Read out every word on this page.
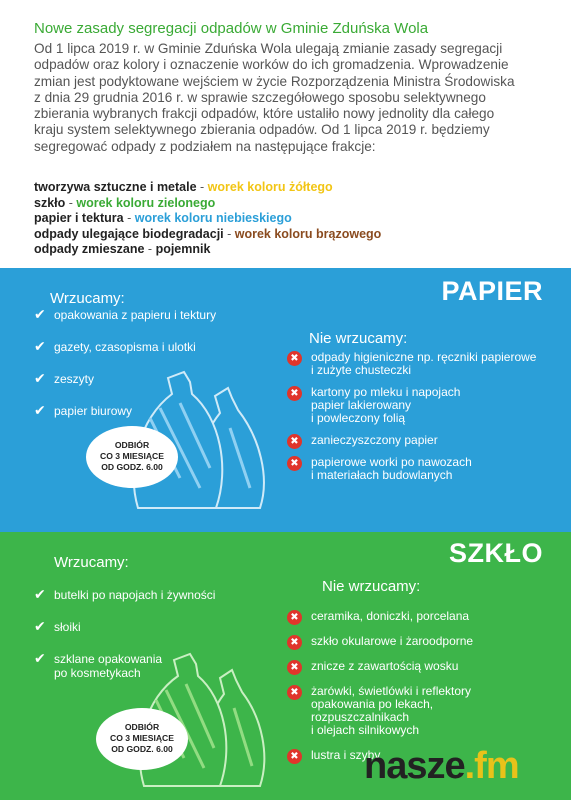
Nowe zasady segregacji odpadów w Gminie Zduńska Wola
Od 1 lipca 2019 r. w Gminie Zduńska Wola ulegają zmianie zasady segregacji
odpadów oraz kolory i oznaczenie worków do ich gromadzenia. Wprowadzenie
zmian jest podyktowane wejściem w życie Rozporządzenia Ministra Środowiska
z dnia 29 grudnia 2016 r. w sprawie szczegółowego sposobu selektywnego
zbierania wybranych frakcji odpadów, które ustaliło nowy jednolity dla całego
kraju system selektywnego zbierania odpadów. Od 1 lipca 2019 r. będziemy
segregować odpady z podziałem na następujące frakcje:
tworzywa sztuczne i metale - worek koloru żółtego
szkło - worek koloru zielonego
papier i tektura - worek koloru niebieskiego
odpady ulegające biodegradacji - worek koloru brązowego
odpady zmieszane - pojemnik
PAPIER
Wrzucamy:
✔ opakowania z papieru i tektury
✔ gazety, czasopisma i ulotki
✔ zeszyty
✔ papier biurowy
Nie wrzucamy:
✖ odpady higieniczne np. ręczniki papierowe
i zużyte chusteczki
✖ kartony po mleku i napojach
papier lakierowany
i powleczony folią
✖ zanieczyszczony papier
✖ papierowe worki po nawozach
i materiałach budowlanych
ODBIÓR
CO 3 MIESIĄCE
OD GODZ. 6.00
SZKŁO
Wrzucamy:
✔ butelki po napojach i żywności
✔ słoiki
✔ szklane opakowania
po kosmetykach
Nie wrzucamy:
✖ ceramika, doniczki, porcelana
✖ szkło okularowe i żaroodporne
✖ znicze z zawartością wosku
✖ żarówki, świetlówki i reflektory
opakowania po lekach,
rozpuszczalnikach
i olejach silnikowych
✖ lustra i szyby
ODBIÓR
CO 3 MIESIĄCE
OD GODZ. 6.00	nasze.fm
